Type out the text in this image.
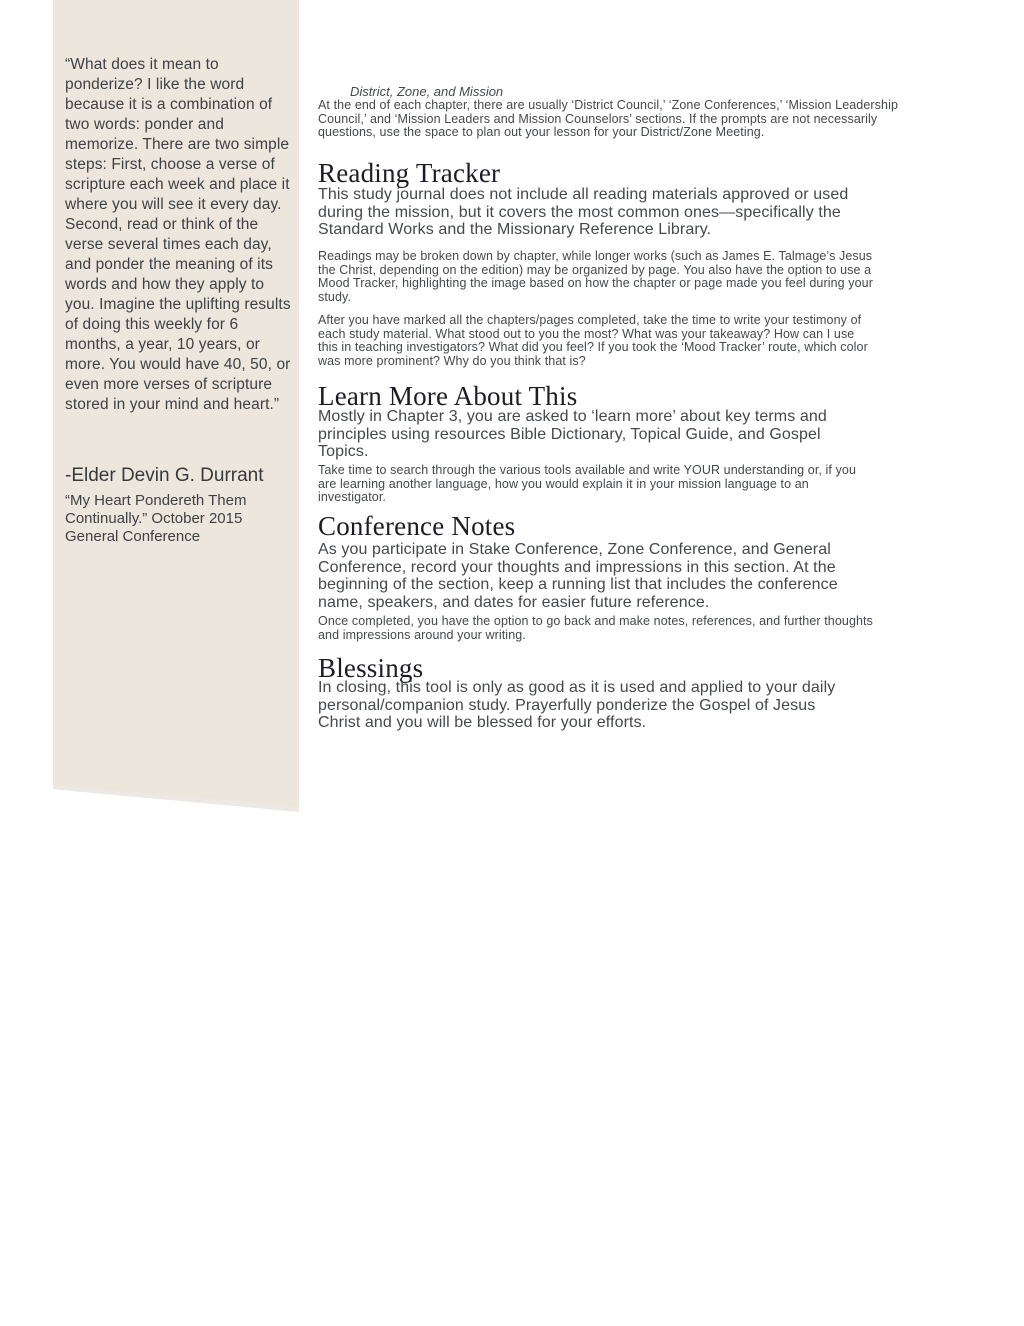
“What does it mean to ponderize? I like the word because it is a combination of two words: ponder and memorize. There are two simple steps: First, choose a verse of scripture each week and place it where you will see it every day. Second, read or think of the verse several times each day, and ponder the meaning of its words and how they apply to you. Imagine the uplifting results of doing this weekly for 6 months, a year, 10 years, or more. You would have 40, 50, or even more verses of scripture stored in your mind and heart.”
-Elder Devin G. Durrant
“My Heart Pondereth Them Continually.” October 2015 General Conference
District, Zone, and Mission

At the end of each chapter, there are usually ‘District Council,’ ‘Zone Conferences,’ ‘Mission Leadership Council,’ and ‘Mission Leaders and Mission Counselors’ sections. If the prompts are not necessarily questions, use the space to plan out your lesson for your District/Zone Meeting.

Reading Tracker

This study journal does not include all reading materials approved or used during the mission, but it covers the most common ones—specifically the Standard Works and the Missionary Reference Library.

Readings may be broken down by chapter, while longer works (such as James E. Talmage’s Jesus the Christ, depending on the edition) may be organized by page. You also have the option to use a Mood Tracker, highlighting the image based on how the chapter or page made you feel during your study.

After you have marked all the chapters/pages completed, take the time to write your testimony of each study material. What stood out to you the most? What was your takeaway? How can I use this in teaching investigators? What did you feel? If you took the ‘Mood Tracker’ route, which color was more prominent? Why do you think that is?

Learn More About This

Mostly in Chapter 3, you are asked to ‘learn more’ about key terms and principles using resources Bible Dictionary, Topical Guide, and Gospel Topics.

Take time to search through the various tools available and write YOUR understanding or, if you are learning another language, how you would explain it in your mission language to an investigator.

Conference Notes

As you participate in Stake Conference, Zone Conference, and General Conference, record your thoughts and impressions in this section. At the beginning of the section, keep a running list that includes the conference name, speakers, and dates for easier future reference.

Once completed, you have the option to go back and make notes, references, and further thoughts and impressions around your writing.

Blessings

In closing, this tool is only as good as it is used and applied to your daily personal/companion study. Prayerfully ponderize the Gospel of Jesus Christ and you will be blessed for your efforts.
